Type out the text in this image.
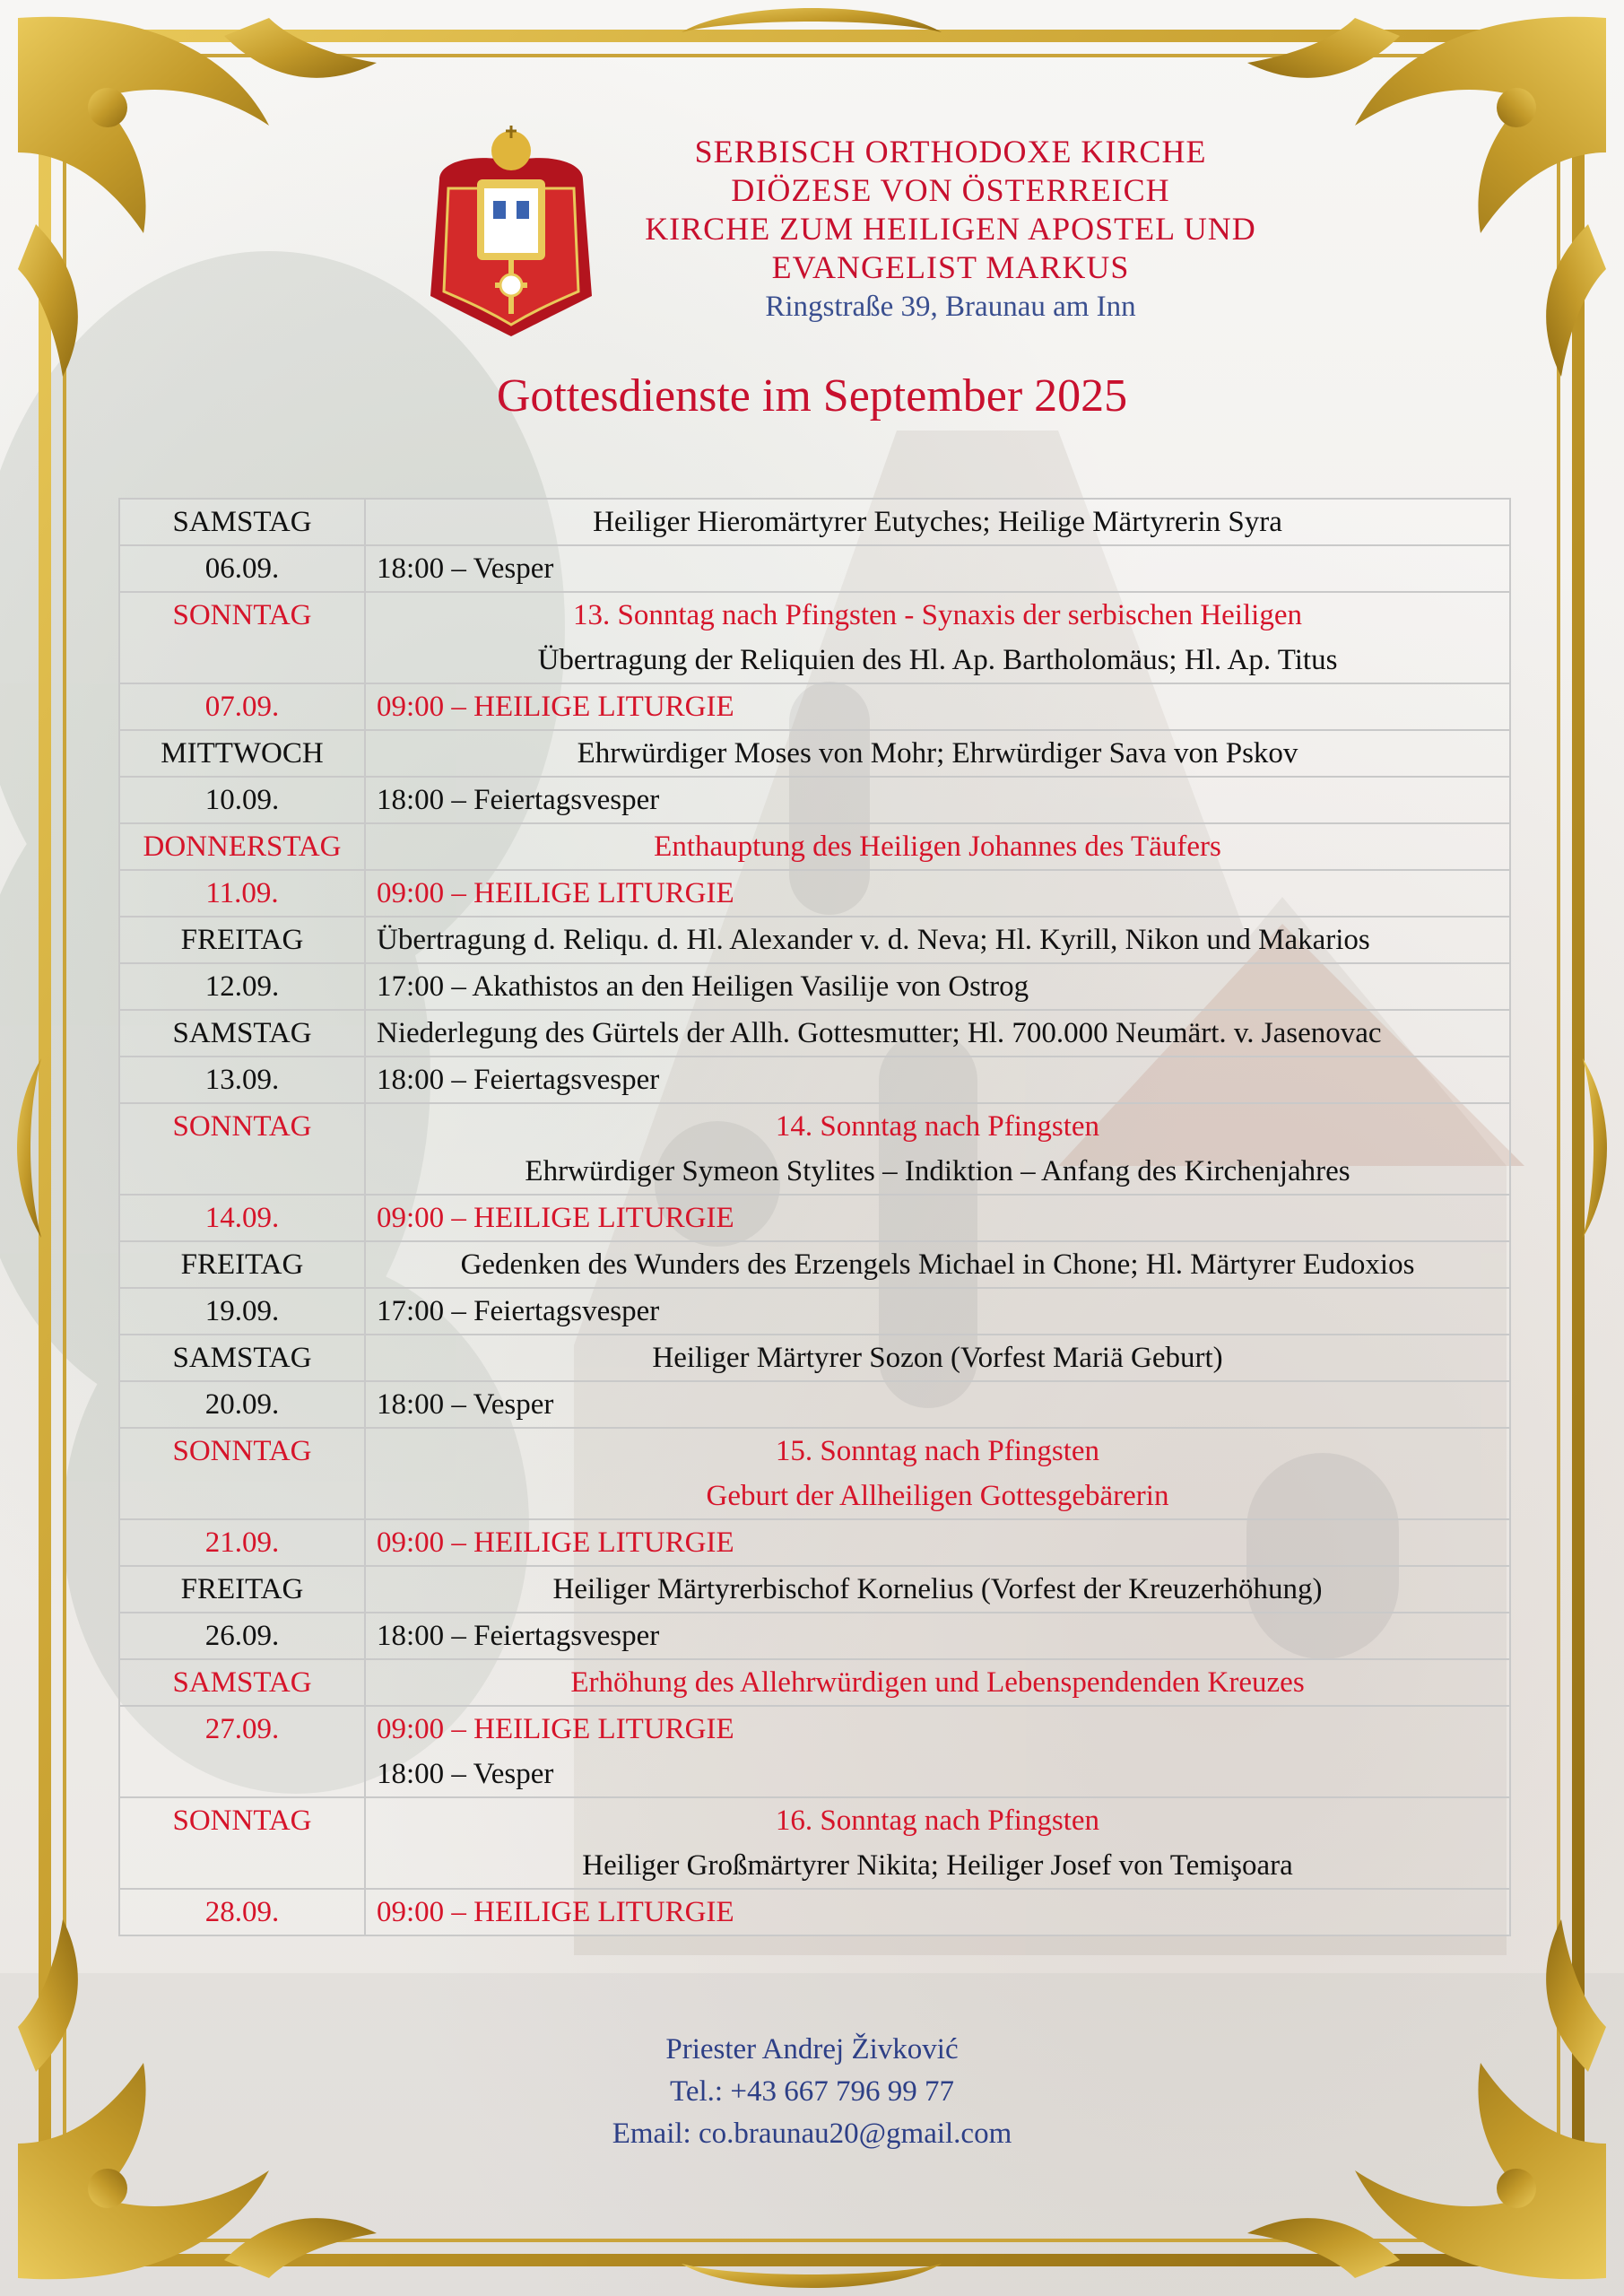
SERBISCH ORTHODOXE KIRCHE
DIÖZESE VON ÖSTERREICH
KIRCHE ZUM HEILIGEN APOSTEL UND
EVANGELIST MARKUS
Ringstraße 39, Braunau am Inn
Gottesdienste im September 2025
SAMSTAG	Heiliger Hieromärtyrer Eutyches; Heilige Märtyrerin Syra
06.09.	18:00 – Vesper
SONNTAG	13. Sonntag nach Pfingsten - Synaxis der serbischen Heiligen
Übertragung der Reliquien des Hl. Ap. Bartholomäus; Hl. Ap. Titus

07.09.	09:00 – HEILIGE LITURGIE
MITTWOCH	Ehrwürdiger Moses von Mohr; Ehrwürdiger Sava von Pskov
10.09.	18:00 – Feiertagsvesper
DONNERSTAG	Enthauptung des Heiligen Johannes des Täufers
11.09.	09:00 – HEILIGE LITURGIE
FREITAG	Übertragung d. Reliqu. d. Hl. Alexander v. d. Neva; Hl. Kyrill, Nikon und Makarios
12.09.	17:00 – Akathistos an den Heiligen Vasilije von Ostrog
SAMSTAG	Niederlegung des Gürtels der Allh. Gottesmutter; Hl. 700.000 Neumärt. v. Jasenovac
13.09.	18:00 – Feiertagsvesper
SONNTAG	14. Sonntag nach Pfingsten
Ehrwürdiger Symeon Stylites – Indiktion – Anfang des Kirchenjahres

14.09.	09:00 – HEILIGE LITURGIE
FREITAG	Gedenken des Wunders des Erzengels Michael in Chone; Hl. Märtyrer Eudoxios
19.09.	17:00 – Feiertagsvesper
SAMSTAG	Heiliger Märtyrer Sozon (Vorfest Mariä Geburt)
20.09.	18:00 – Vesper
SONNTAG	15. Sonntag nach Pfingsten
Geburt der Allheiligen Gottesgebärerin

21.09.	09:00 – HEILIGE LITURGIE
FREITAG	Heiliger Märtyrerbischof Kornelius (Vorfest der Kreuzerhöhung)
26.09.	18:00 – Feiertagsvesper
SAMSTAG	Erhöhung des Allehrwürdigen und Lebenspendenden Kreuzes
27.09.	09:00 – HEILIGE LITURGIE
18:00 – Vesper

SONNTAG	16. Sonntag nach Pfingsten
Heiliger Großmärtyrer Nikita; Heiliger Josef von Temişoara

28.09.	09:00 – HEILIGE LITURGIE
Priester Andrej Živković
Tel.: +43 667 796 99 77
Email: co.braunau20@gmail.com
